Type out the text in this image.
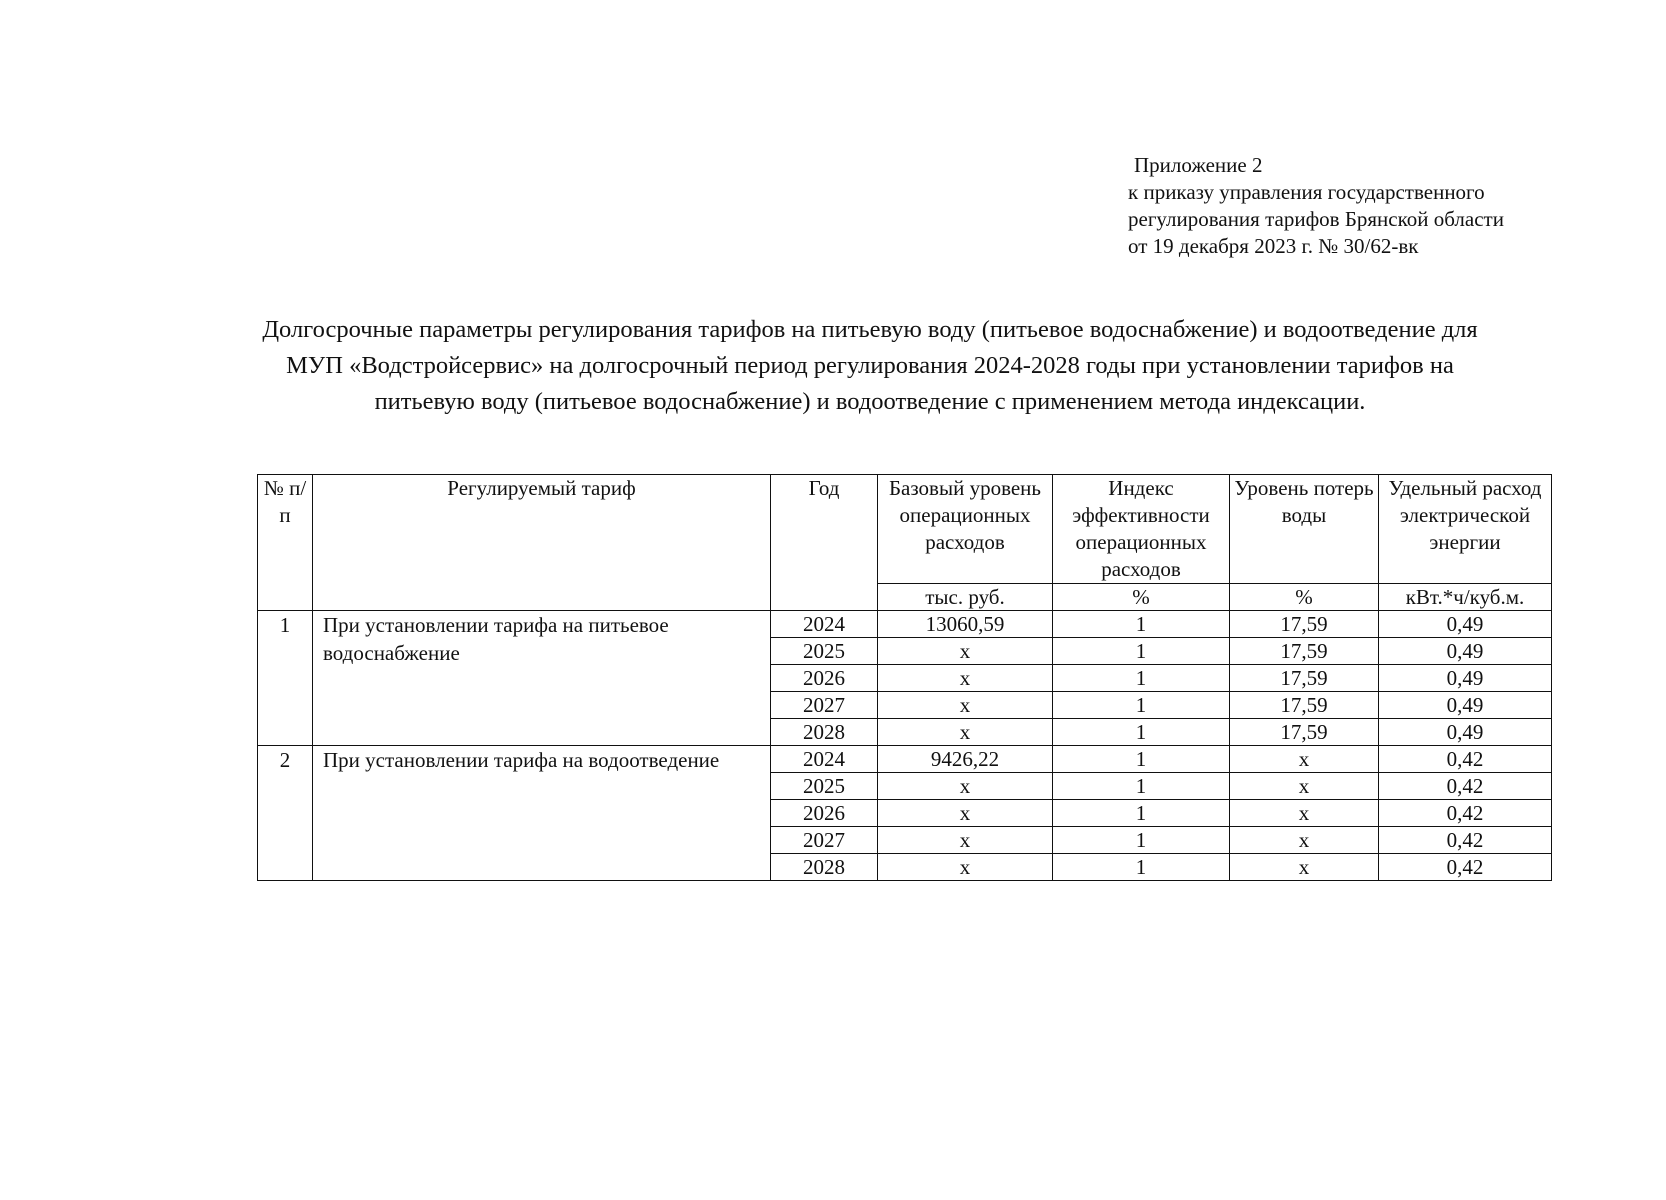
Приложение 2
к приказу управления государственного
регулирования тарифов Брянской области
от 19 декабря 2023 г. № 30/62-вк
Долгосрочные параметры регулирования тарифов на питьевую воду (питьевое водоснабжение) и водоотведение для
МУП «Водстройсервис» на долгосрочный период регулирования 2024-2028 годы при установлении тарифов на
питьевую воду (питьевое водоснабжение) и водоотведение с применением метода индексации.
№ п/п	Регулируемый тариф	Год	Базовый уровень операционных расходов	Индекс эффективности операционных расходов	Уровень потерь воды	Удельный расход электрической энергии
			тыс. руб.	%	%	кВт.*ч/куб.м.
1	При установлении тарифа на питьевое водоснабжение	2024	13060,59	1	17,59	0,49
		2025	x	1	17,59	0,49
		2026	x	1	17,59	0,49
		2027	x	1	17,59	0,49
		2028	x	1	17,59	0,49
2	При установлении тарифа на водоотведение	2024	9426,22	1	x	0,42
		2025	x	1	x	0,42
		2026	x	1	x	0,42
		2027	x	1	x	0,42
		2028	x	1	x	0,42
